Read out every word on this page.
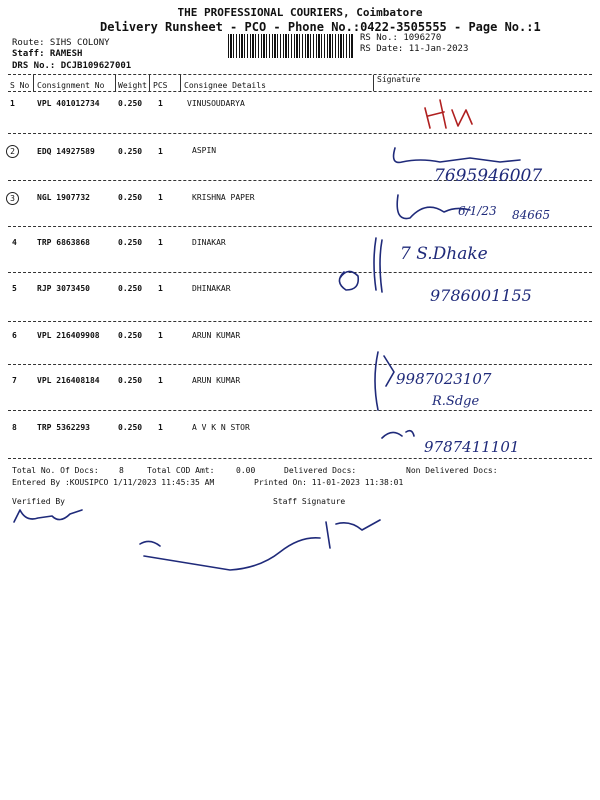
THE PROFESSIONAL COURIERS, Coimbatore
Delivery Runsheet - PCO - Phone No.:0422-3505555 - Page No.:1
Route: SIHS COLONY
Staff: RAMESH
DRS No.: DCJB109627001
RS No.: 1096270
RS Date: 11-Jan-2023
S No Consignment No Weight PCS Consignee Details
Signature
1	VPL 401012734 0.250 1	VINUSOUDARYA
2	EDQ 14927589	0.250 1	ASPIN
3	NGL 1907732	0.250 1	KRISHNA PAPER
4	TRP 6863868	0.250 1	DINAKAR
5	RJP 3073450	0.250 1	DHINAKAR
6	VPL 216409908 0.250 1	ARUN KUMAR
7	VPL 216408184 0.250 1	ARUN KUMAR
8	TRP 5362293	0.250 1	A V K N STOR
7695946007
6/1/23 84665
7 S.Dhake
9786001155
9987023107
R.Sdge
9787411101
Total No. Of Docs:	8	Total COD Amt:	0.00	Delivered Docs:	Non Delivered Docs:
Entered By :KOUSIPCO 1/11/2023 11:45:35 AM	Printed On: 11-01-2023 11:38:01
Verified By	Staff Signature
